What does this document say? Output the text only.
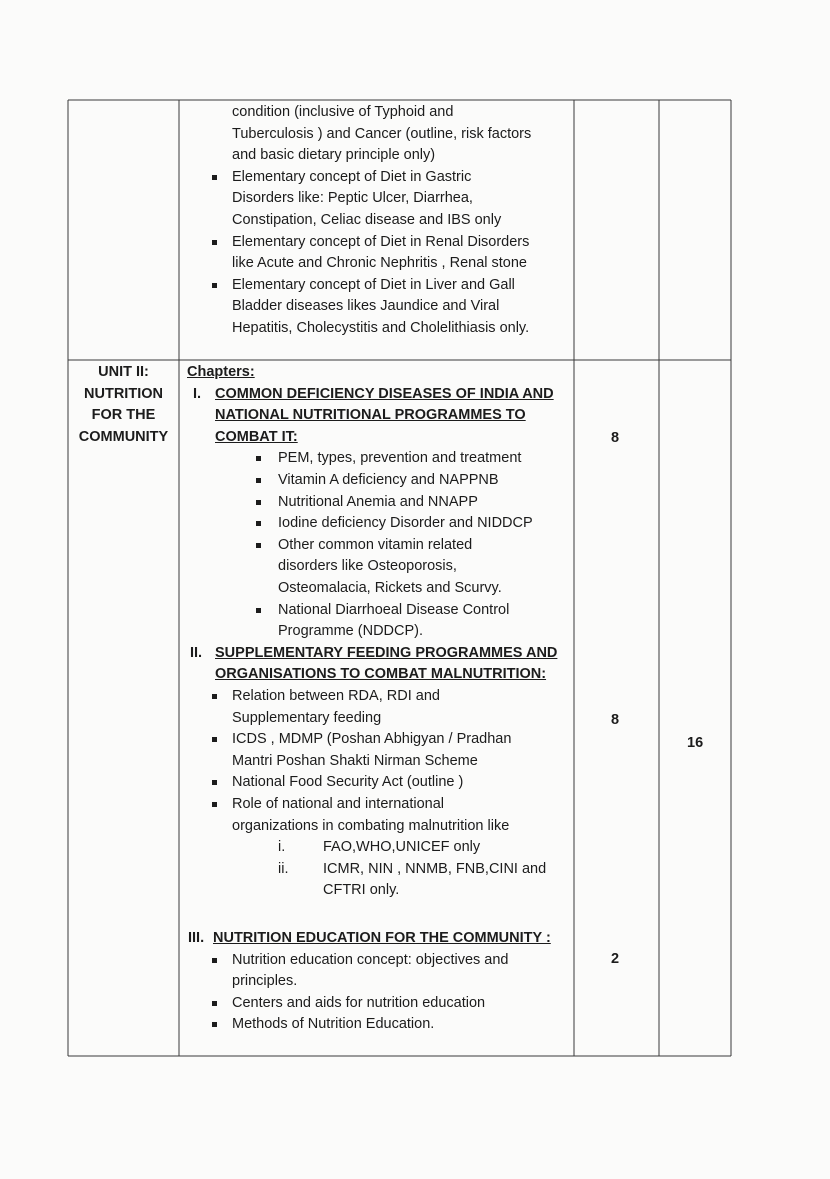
condition (inclusive of Typhoid and
Tuberculosis ) and Cancer (outline, risk factors
and basic dietary principle only)
Elementary concept of Diet in Gastric
Disorders like: Peptic Ulcer, Diarrhea,
Constipation, Celiac disease and IBS only
Elementary concept of Diet in Renal Disorders
like Acute and Chronic Nephritis , Renal stone
Elementary concept of Diet in Liver and Gall
Bladder diseases likes Jaundice and Viral
Hepatitis, Cholecystitis and Cholelithiasis only.
UNIT II:
NUTRITION
FOR THE
COMMUNITY
Chapters:
I. COMMON DEFICIENCY DISEASES OF INDIA AND
NATIONAL NUTRITIONAL PROGRAMMES TO
COMBAT IT:
PEM, types, prevention and treatment
Vitamin A deficiency and NAPPNB
Nutritional Anemia and NNAPP
Iodine deficiency Disorder and NIDDCP
Other common vitamin related
disorders like Osteoporosis,
Osteomalacia, Rickets and Scurvy.
National Diarrhoeal Disease Control
Programme (NDDCP).
II. SUPPLEMENTARY FEEDING PROGRAMMES AND
ORGANISATIONS TO COMBAT MALNUTRITION:
Relation between RDA, RDI and
Supplementary feeding
ICDS , MDMP (Poshan Abhigyan / Pradhan
Mantri Poshan Shakti Nirman Scheme
National Food Security Act (outline )
Role of national and international
organizations in combating malnutrition like
i.	FAO,WHO,UNICEF only
ii. ICMR, NIN , NNMB, FNB,CINI and
CFTRI only.
III. NUTRITION EDUCATION FOR THE COMMUNITY :
Nutrition education concept: objectives and
principles.
Centers and aids for nutrition education
Methods of Nutrition Education.
8
8
2
16
